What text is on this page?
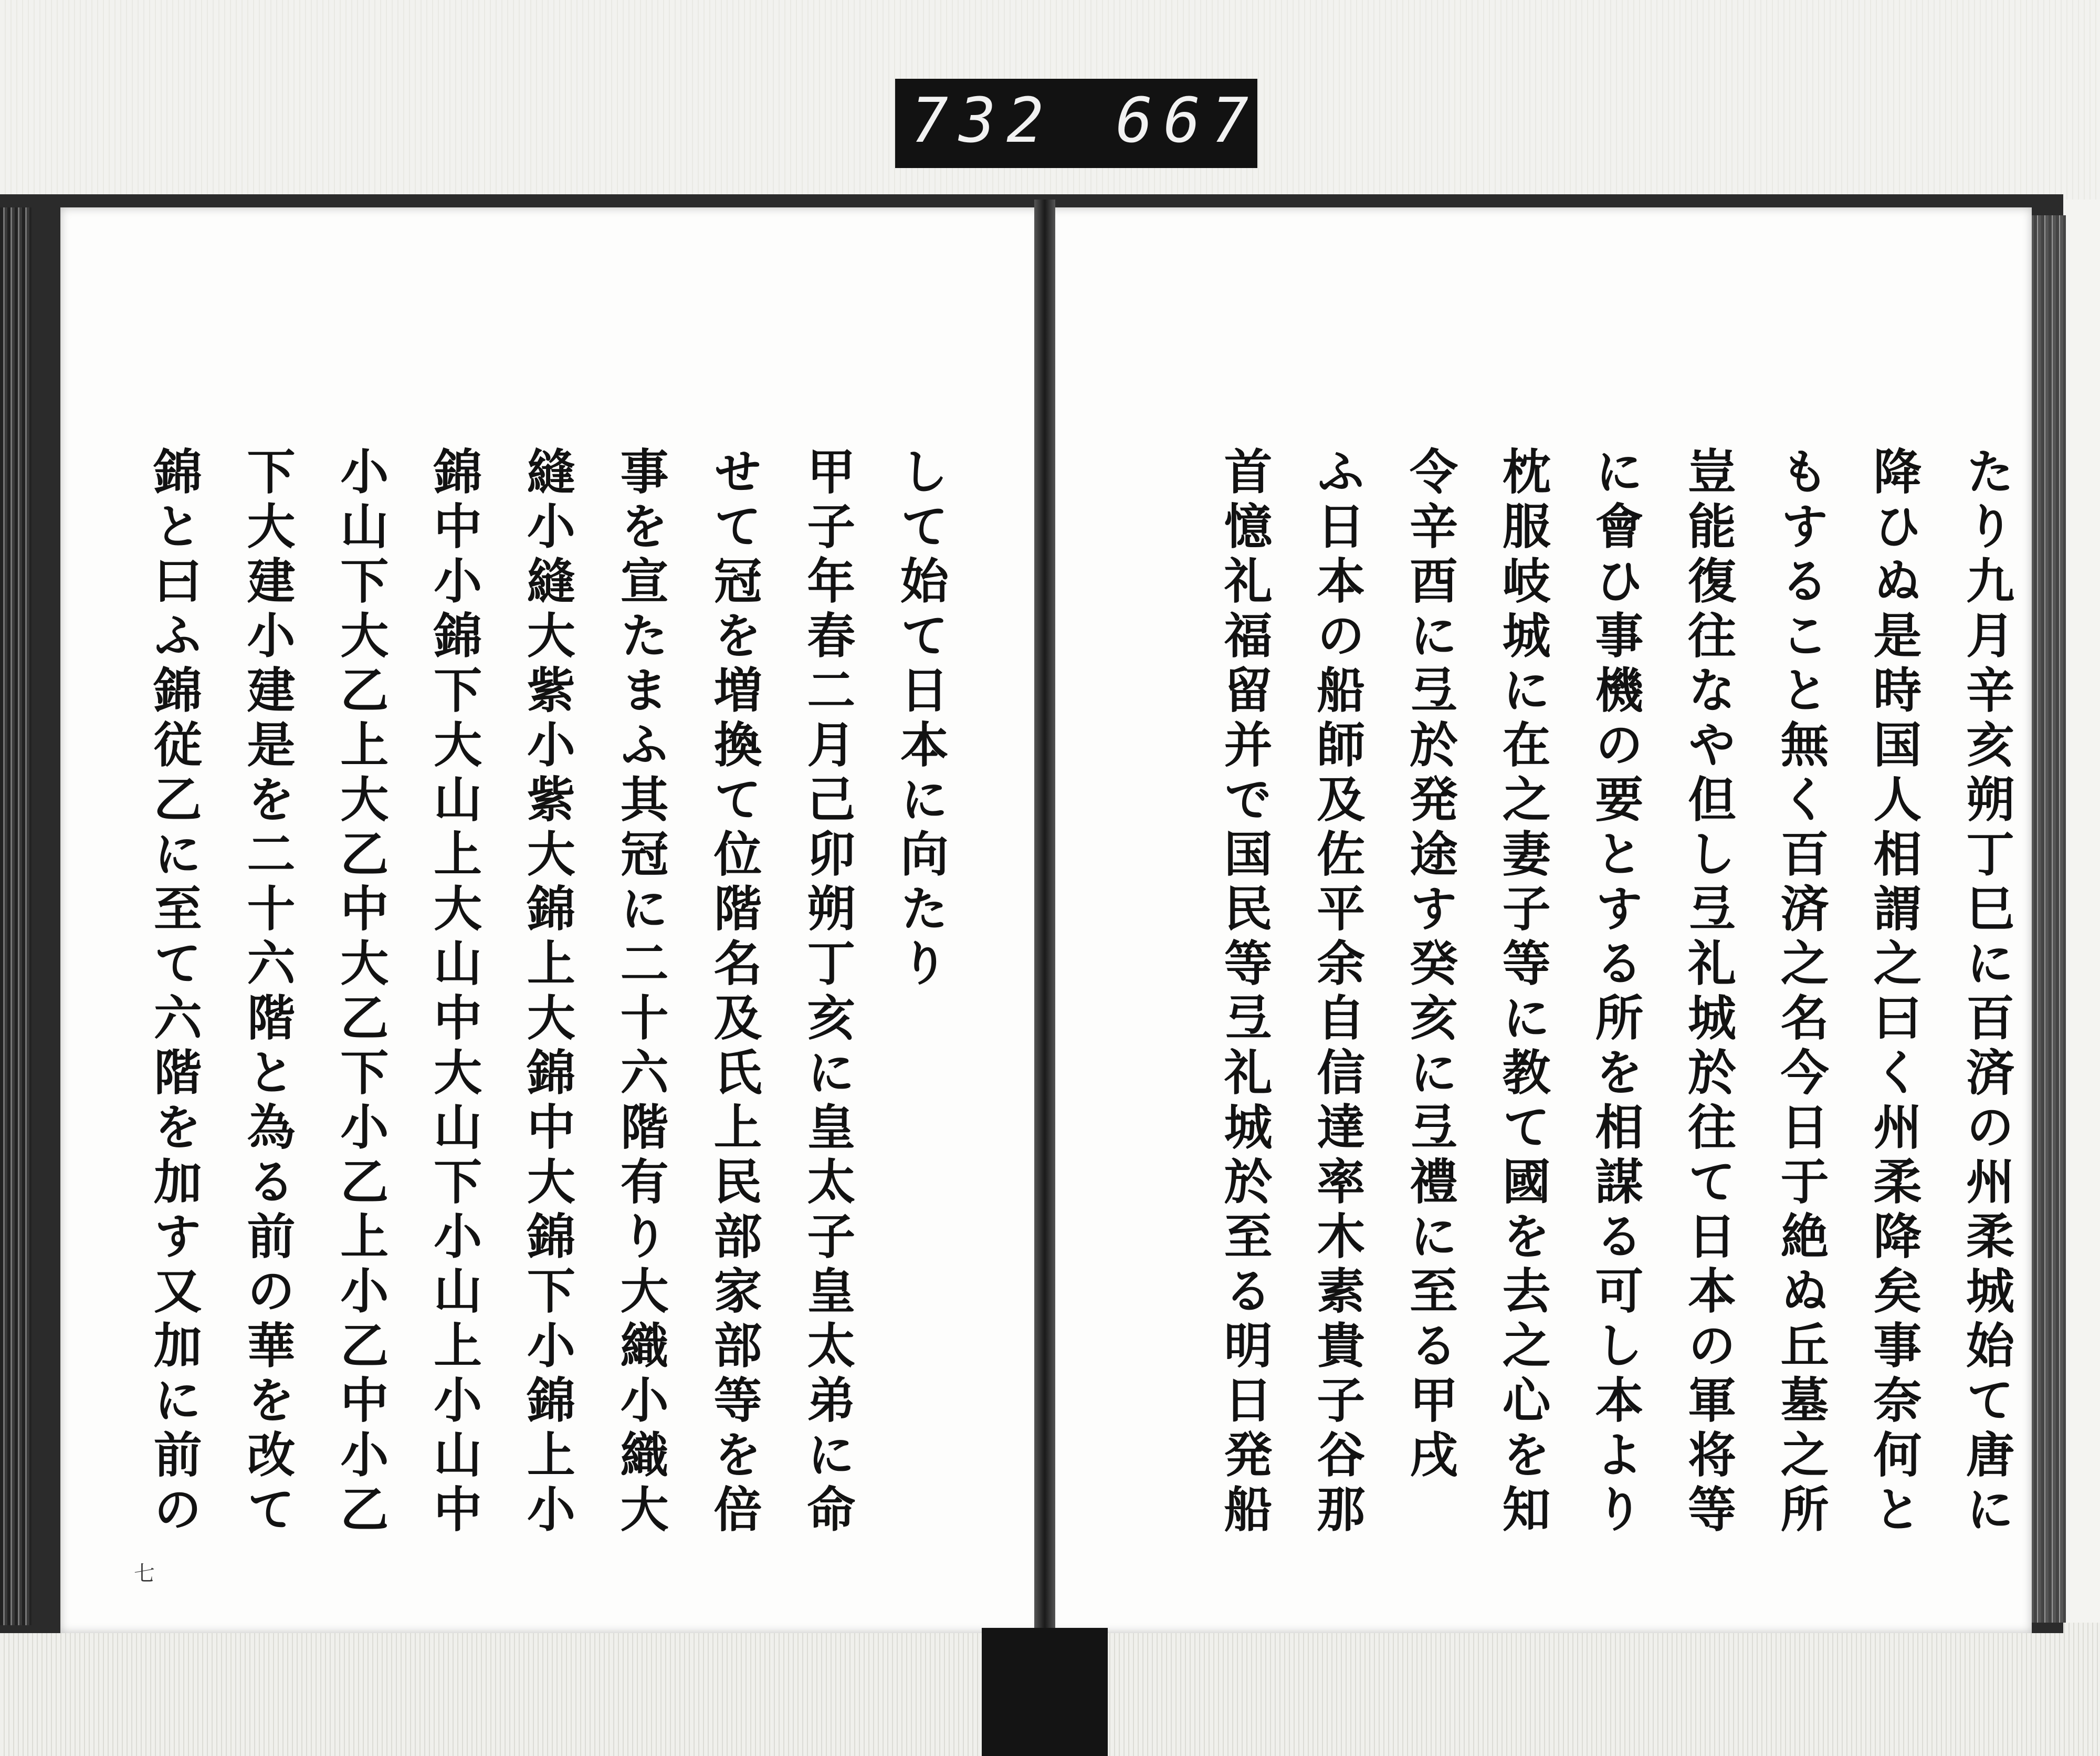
732 667
七
たり九月辛亥朔丁巳に百済の州柔城始て唐に
降ひぬ是時国人相謂之曰く州柔降矣事奈何と
もすること無く百済之名今日于絶ぬ丘墓之所
豈能復往なや但し弖礼城於往て日本の軍将等
に會ひ事機の要とする所を相謀る可し本より
枕服岐城に在之妻子等に教て國を去之心を知
令辛酉に弖於発途す癸亥に弖禮に至る甲戌
ふ日本の船師及佐平余自信達率木素貴子谷那
首憶礼福留并で国民等弖礼城於至る明日発船
して始て日本に向たり
甲子年春二月己卯朔丁亥に皇太子皇太弟に命
せて冠を増換て位階名及氏上民部家部等を倍
事を宣たまふ其冠に二十六階有り大織小織大
縫小縫大紫小紫大錦上大錦中大錦下小錦上小
錦中小錦下大山上大山中大山下小山上小山中
小山下大乙上大乙中大乙下小乙上小乙中小乙
下大建小建是を二十六階と為る前の華を改て
錦と曰ふ錦従乙に至て六階を加す又加に前の
